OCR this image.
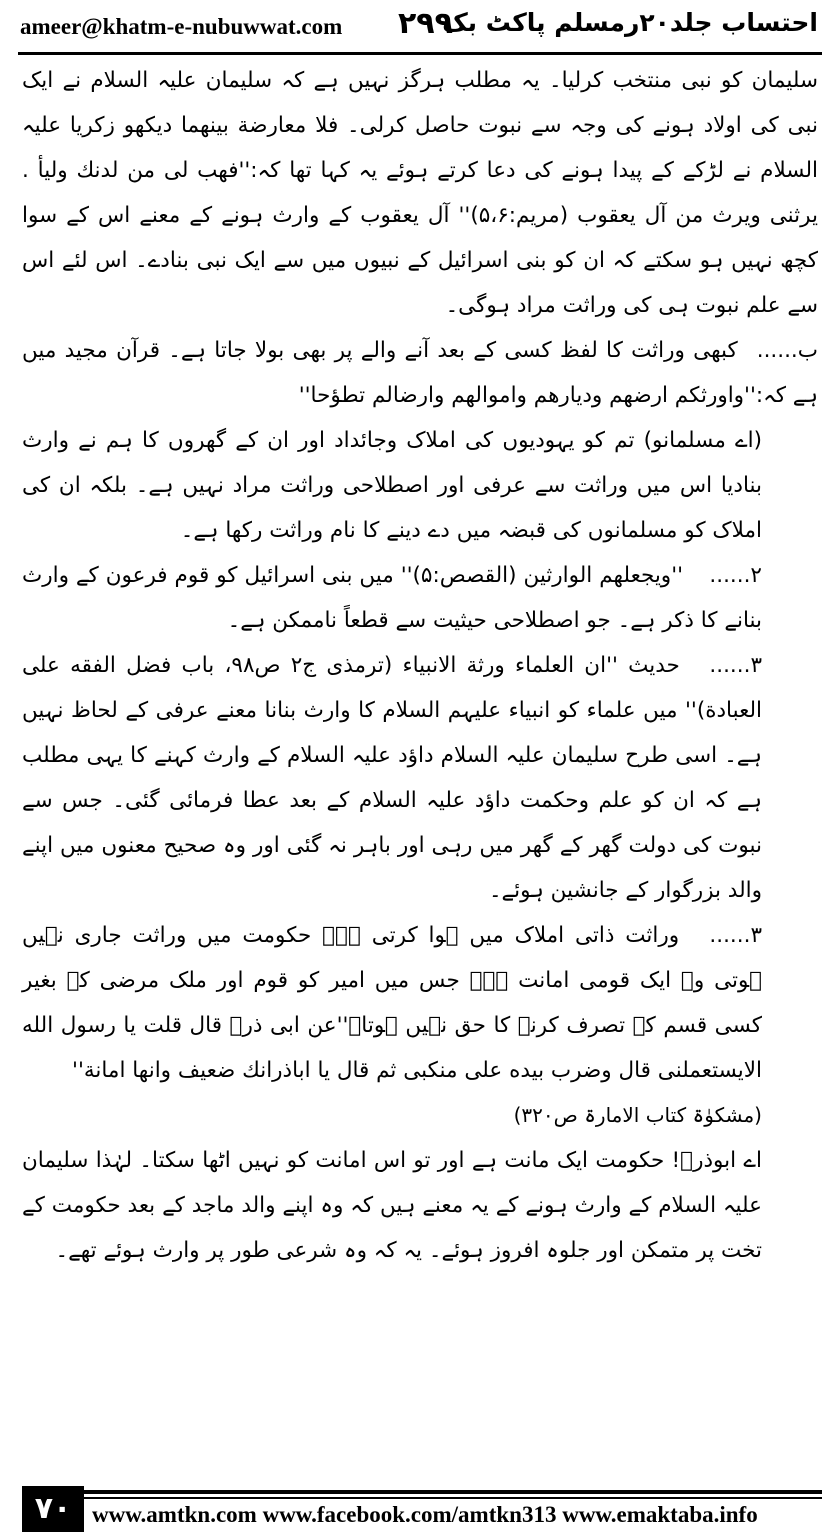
ameer@khatm-e-nubuwwat.com ۲۹۹
احتساب جلد۲۰رمسلم پاکٹ بک

سلیمان کو نبی منتخب کرلیا۔ یہ مطلب ہرگز نہیں ہے کہ سلیمان علیہ السلام نے ایک نبی کی اولاد ہونے کی وجہ سے نبوت حاصل کرلی۔ فلا معارضة بینهما دیکھو زکریا علیہ السلام نے لڑکے کے پیدا ہونے کی دعا کرتے ہوئے یہ کہا تھا کہ:''فهب لى من لدنك وليأ . يرثنى ويرث من آل يعقوب (مریم:۵،۶)'' آل یعقوب کے وارث ہونے کے معنے اس کے سوا کچھ نہیں ہو سکتے کہ ان کو بنی اسرائیل کے نبیوں میں سے ایک نبی بنادے۔ اس لئے اس سے علم نبوت ہی کی وراثت مراد ہوگی۔

ب...... کبھی وراثت کا لفظ کسی کے بعد آنے والے پر بھی بولا جاتا ہے۔ قرآن مجید میں ہے کہ:''واورثكم ارضهم وديارهم واموالهم وارضالم تطؤحا''

(اے مسلمانو) تم کو یہودیوں کی املاک وجائداد اور ان کے گھروں کا ہم نے وارث بنادیا اس میں وراثت سے عرفی اور اصطلاحی وراثت مراد نہیں ہے۔ بلکہ ان کی املاک کو مسلمانوں کی قبضہ میں دے دینے کا نام وراثت رکھا ہے۔

۲...... ''ويجعلهم الوارثين (القصص:۵)'' میں بنی اسرائیل کو قوم فرعون کے وارث بنانے کا ذکر ہے۔ جو اصطلاحی حیثیت سے قطعاً ناممکن ہے۔

۳...... حدیث ''ان العلماء ورثة الانبياء (ترمذى ج۲ ص۹۸، باب فضل الفقه على العبادة)'' میں علماء کو انبیاء علیہم السلام کا وارث بنانا معنے عرفی کے لحاظ نہیں ہے۔ اسی طرح سلیمان علیہ السلام داؤد علیہ السلام کے وارث کہنے کا یہی مطلب ہے کہ ان کو علم وحکمت داؤد علیہ السلام کے بعد عطا فرمائی گئی۔ جس سے نبوت کی دولت گھر کے گھر میں رہی اور باہر نہ گئی اور وہ صحیح معنوں میں اپنے والد بزرگوار کے جانشین ہوئے۔

۳...... وراثت ذاتی املاک میں ہوا کرتی ہے۔ حکومت میں وراثت جاری نہیں ہوتی وہ ایک قومی امانت ہے۔ جس میں امیر کو قوم اور ملک مرضی کے بغیر کسی قسم کے تصرف کرنے کا حق نہیں ہوتا۔''عن ابى ذرؓ قال قلت يا رسول الله الايستعملنى قال وضرب بيده على منكبى ثم قال يا اباذرانك ضعيف وانها امانة''

(مشکوٰۃ کتاب الامارۃ ص۳۲۰)

اے ابوذرؓ! حکومت ایک مانت ہے اور تو اس امانت کو نہیں اٹھا سکتا۔ لہٰذا سلیمان علیہ السلام کے وارث ہونے کے یہ معنے ہیں کہ وہ اپنے والد ماجد کے بعد حکومت کے تخت پر متمکن اور جلوہ افروز ہوئے۔ یہ کہ وہ شرعی طور پر وارث ہوئے تھے۔

۷۰ www.amtkn.com www.facebook.com/amtkn313 www.emaktaba.info
